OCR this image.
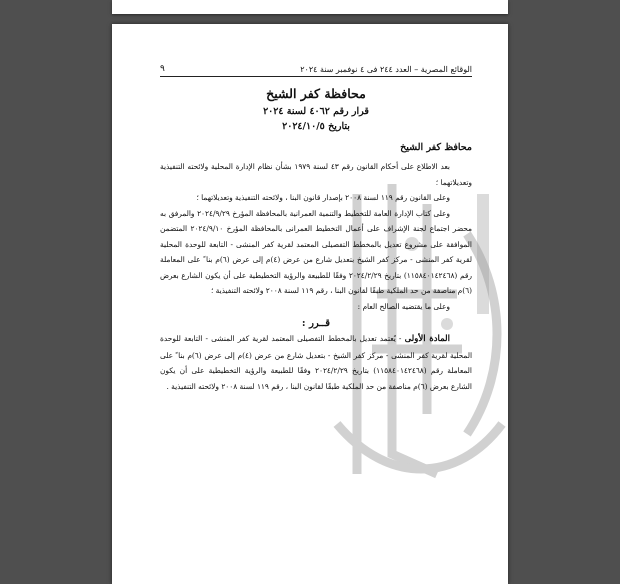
الوقائع المصرية – العدد ٢٤٤ فى ٤ نوفمبر سنة ٢٠٢٤
٩
محافظة كفر الشيخ
قرار رقم ٤٠٦٢ لسنة ٢٠٢٤
بتاريخ ٢٠٢٤/١٠/٥
محافظ كفر الشيخ

بعد الاطلاع على أحكام القانون رقم ٤٣ لسنة ١٩٧٩ بشأن نظام الإدارة المحلية ولائحته التنفيذية وتعديلاتهما ؛

وعلى القانون رقم ١١٩ لسنة ٢٠٠٨ بإصدار قانون البنا ، ولائحته التنفيذية وتعديلاتهما ؛

وعلى كتاب الإدارة العامة للتخطيط والتنمية العمرانية بالمحافظة المؤرخ ٢٠٢٤/٩/٢٩ والمرفق به محضر اجتماع لجنة الإشراف على أعمال التخطيط العمرانى بالمحافظة المؤرخ ٢٠٢٤/٩/١٠ المتضمن الموافقة على مشروع تعديل بالمخطط التفصيلى المعتمد لقرية كفر المنشى - التابعة للوحدة المحلية لقرية كفر المنشى - مركز كفر الشيخ بتعديل شارع من عرض (٤)م إلى عرض (٦)م بنا ً على المعاملة رقم (١١٥٨٤٠١٤٢٤٦٨) بتاريخ ٢٠٢٤/٢/٢٩ وفقًا للطبيعة والرؤية التخطيطية على أن يكون الشارع بعرض (٦)م مناصفة من حد الملكية طبقًا لقانون البنا ، رقم ١١٩ لسنة ٢٠٠٨ ولائحته التنفيذية ؛

وعلى ما يقتضيه الصالح العام :

قــرر :

المادة الأولى - يُعتمد تعديل بالمخطط التفصيلى المعتمد لقرية كفر المنشى - التابعة للوحدة المحلية لقرية كفر المنشى - مركز كفر الشيخ - بتعديل شارع من عرض (٤)م إلى عرض (٦)م بنا ً على المعاملة رقم (١١٥٨٤٠١٤٢٤٦٨) بتاريخ ٢٠٢٤/٢/٢٩ وفقًا للطبيعة والرؤية التخطيطية على أن يكون الشارع بعرض (٦)م مناصفة من حد الملكية طبقًا لقانون البنا ، رقم ١١٩ لسنة ٢٠٠٨ ولائحته التنفيذية .
